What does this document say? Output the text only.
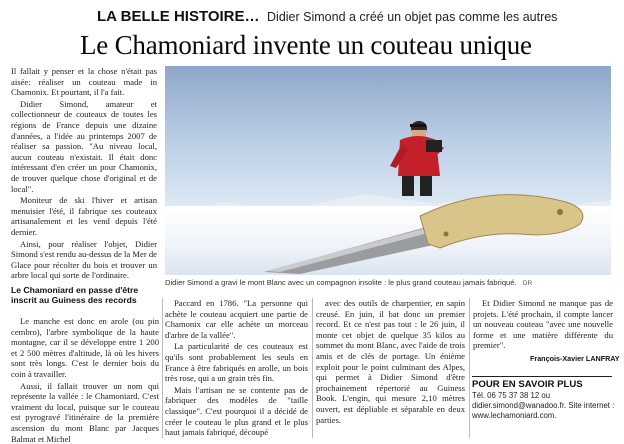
LA BELLE HISTOIRE… Didier Simond a créé un objet pas comme les autres
Le Chamoniard invente un couteau unique

Il fallait y penser et la chose n'était pas aisée: réaliser un couteau made in Chamonix. Et pourtant, il l'a fait.

Didier Simond, amateur et collectionneur de couteaux de toutes les régions de France depuis une dizaine d'années, a l'idée au printemps 2007 de réaliser sa passion. "Au niveau local, aucun couteau n'existait. Il était donc intéressant d'en créer un pour Chamonix, de trouver quelque chose d'original et de local".

Moniteur de ski l'hiver et artisan menuisier l'été, il fabrique ses couteaux artisanalement et les vend depuis l'été dernier.

Ainsi, pour réaliser l'objet, Didier Simond s'est rendu au-dessus de la Mer de Glace pour récolter du bois et trouver un arbre local qui sorte de l'ordinaire.

Didier Simond a gravi le mont Blanc avec un compagnon insolite : le plus grand couteau jamais fabriqué. DR
Le Chamoniard en passe d'être inscrit au Guiness des records

Le manche est donc en arole (ou pin cembro), l'arbre symbolique de la haute montagne, car il se développe entre 1 200 et 2 500 mètres d'altitude, là où les hivers sont très longs. C'est le dernier bois du coin à travailler.

Aussi, il fallait trouver un nom qui représente la vallée : le Chamoniard. C'est vraiment du local, puisque sur le couteau est pyrogravé l'itinéraire de la première ascension du mont Blanc par Jacques Balmat et Michel

Paccard en 1786. "La personne qui achète le couteau acquiert une partie de Chamonix car elle achète un morceau d'arbre de la vallée".

La particularité de ces couteaux est qu'ils sont probablement les seuls en France à être fabriqués en arolle, un bois très rose, qui a un grain très fin.

Mais l'artisan ne se contente pas de fabriquer des modèles de "taille classique". C'est pourquoi il a décidé de créer le couteau le plus grand et le plus haut jamais fabriqué, découpé

avec des outils de charpentier, en sapin creusé. En juin, il bat donc un premier record. Et ce n'est pas tout : le 26 juin, il monte cet objet de quelque 35 kilos au sommet du mont Blanc, avec l'aide de trois amis et de clés de portage. Un énième exploit pour le point culminant des Alpes, qui permet à Didier Simond d'être prochainement répertorié au Guiness Book. L'engin, qui mesure 2,10 mètres ouvert, est dépliable et séparable en deux parties.

Et Didier Simond ne manque pas de projets. L'été prochain, il compte lancer un nouveau couteau "avec une nouvelle forme et une matière différente du premier".

François-Xavier LANFRAY
POUR EN SAVOIR PLUS
Tél. 06 75 37 38 12 ou
didier.simond@wanadoo.fr. Site internet :
www.lechamoniard.com.
